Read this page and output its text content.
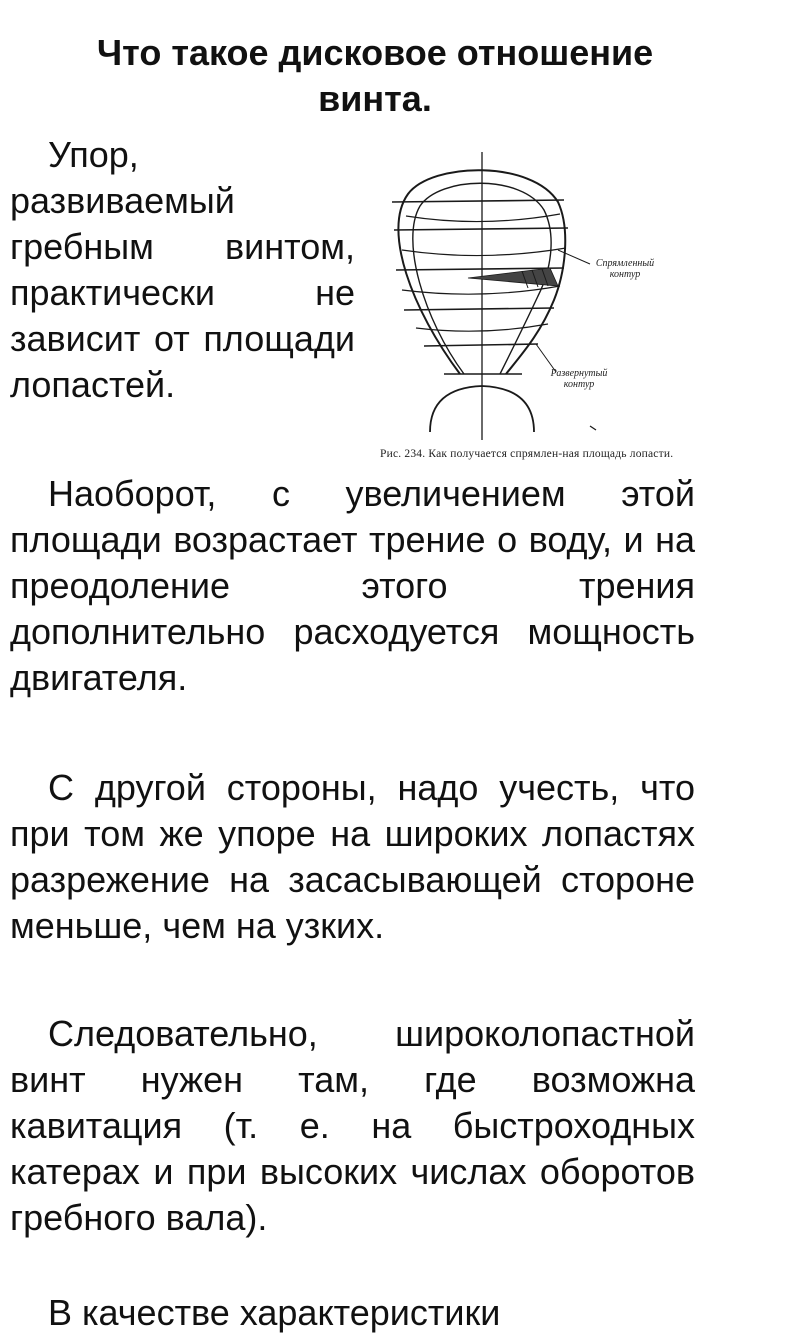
Что такое дисковое отношение винта.

Упор, развиваемый гребным винтом, практически не зависит от площади лопастей.

Спрямленный контур
Развернутый контур
Рис. 234. Как получается спрямлен-ная площадь лопасти.

Наоборот, с увеличением этой площади возрастает трение о воду, и на преодоление этого трения дополнительно расходуется мощность двигателя.

С другой стороны, надо учесть, что при том же упоре на широких лопастях разрежение на засасывающей стороне меньше, чем на узких.

Следовательно, широколопастной винт нужен там, где возможна кавитация (т. е. на быстроходных катерах и при высоких числах оборотов гребного вала).

В качестве характеристики
